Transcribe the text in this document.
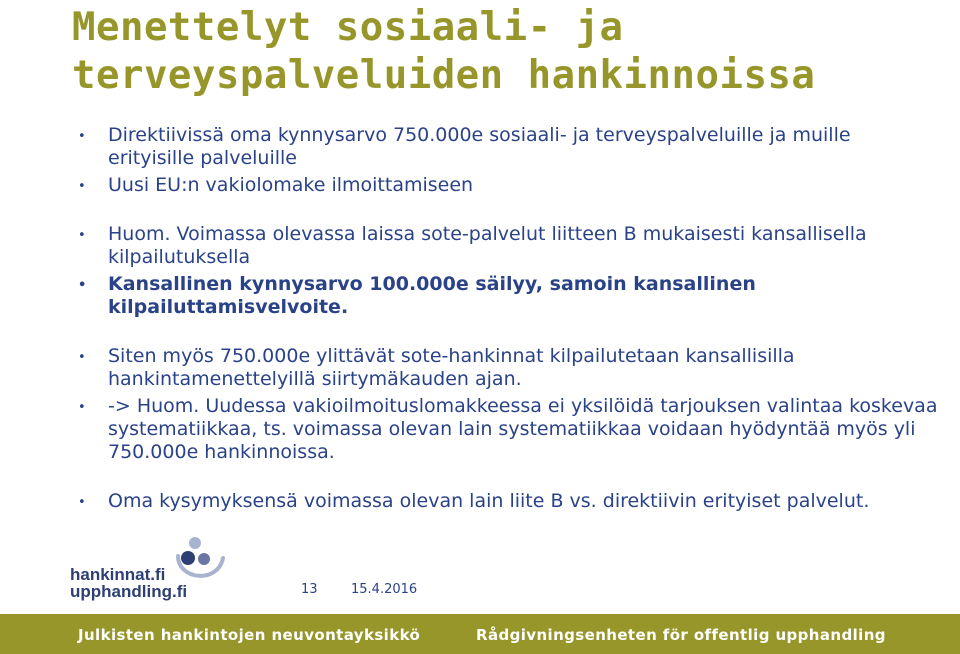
Menettelyt sosiaali- ja terveyspalveluiden hankinnoissa
• Direktiivissä oma kynnysarvo 750.000e sosiaali- ja terveyspalveluille ja muille erityisille palveluille
• Uusi EU:n vakiolomake ilmoittamiseen
• Huom. Voimassa olevassa laissa sote-palvelut liitteen B mukaisesti kansallisella kilpailutuksella
• Kansallinen kynnysarvo 100.000e säilyy, samoin kansallinen kilpailuttamisvelvoite.
• Siten myös 750.000e ylittävät sote-hankinnat kilpailutetaan kansallisilla hankintamenettelyillä siirtymäkauden ajan.
• -> Huom. Uudessa vakioilmoituslomakkeessa ei yksilöidä tarjouksen valintaa koskevaa systematiikkaa, ts. voimassa olevan lain systematiikkaa voidaan hyödyntää myös yli 750.000e hankinnoissa.
• Oma kysymyksensä voimassa olevan lain liite B vs. direktiivin erityiset palvelut.
hankinnat.fi
upphandling.fi	13	15.4.2016
Julkisten hankintojen neuvontayksikkö	Rådgivningsenheten för offentlig upphandling
